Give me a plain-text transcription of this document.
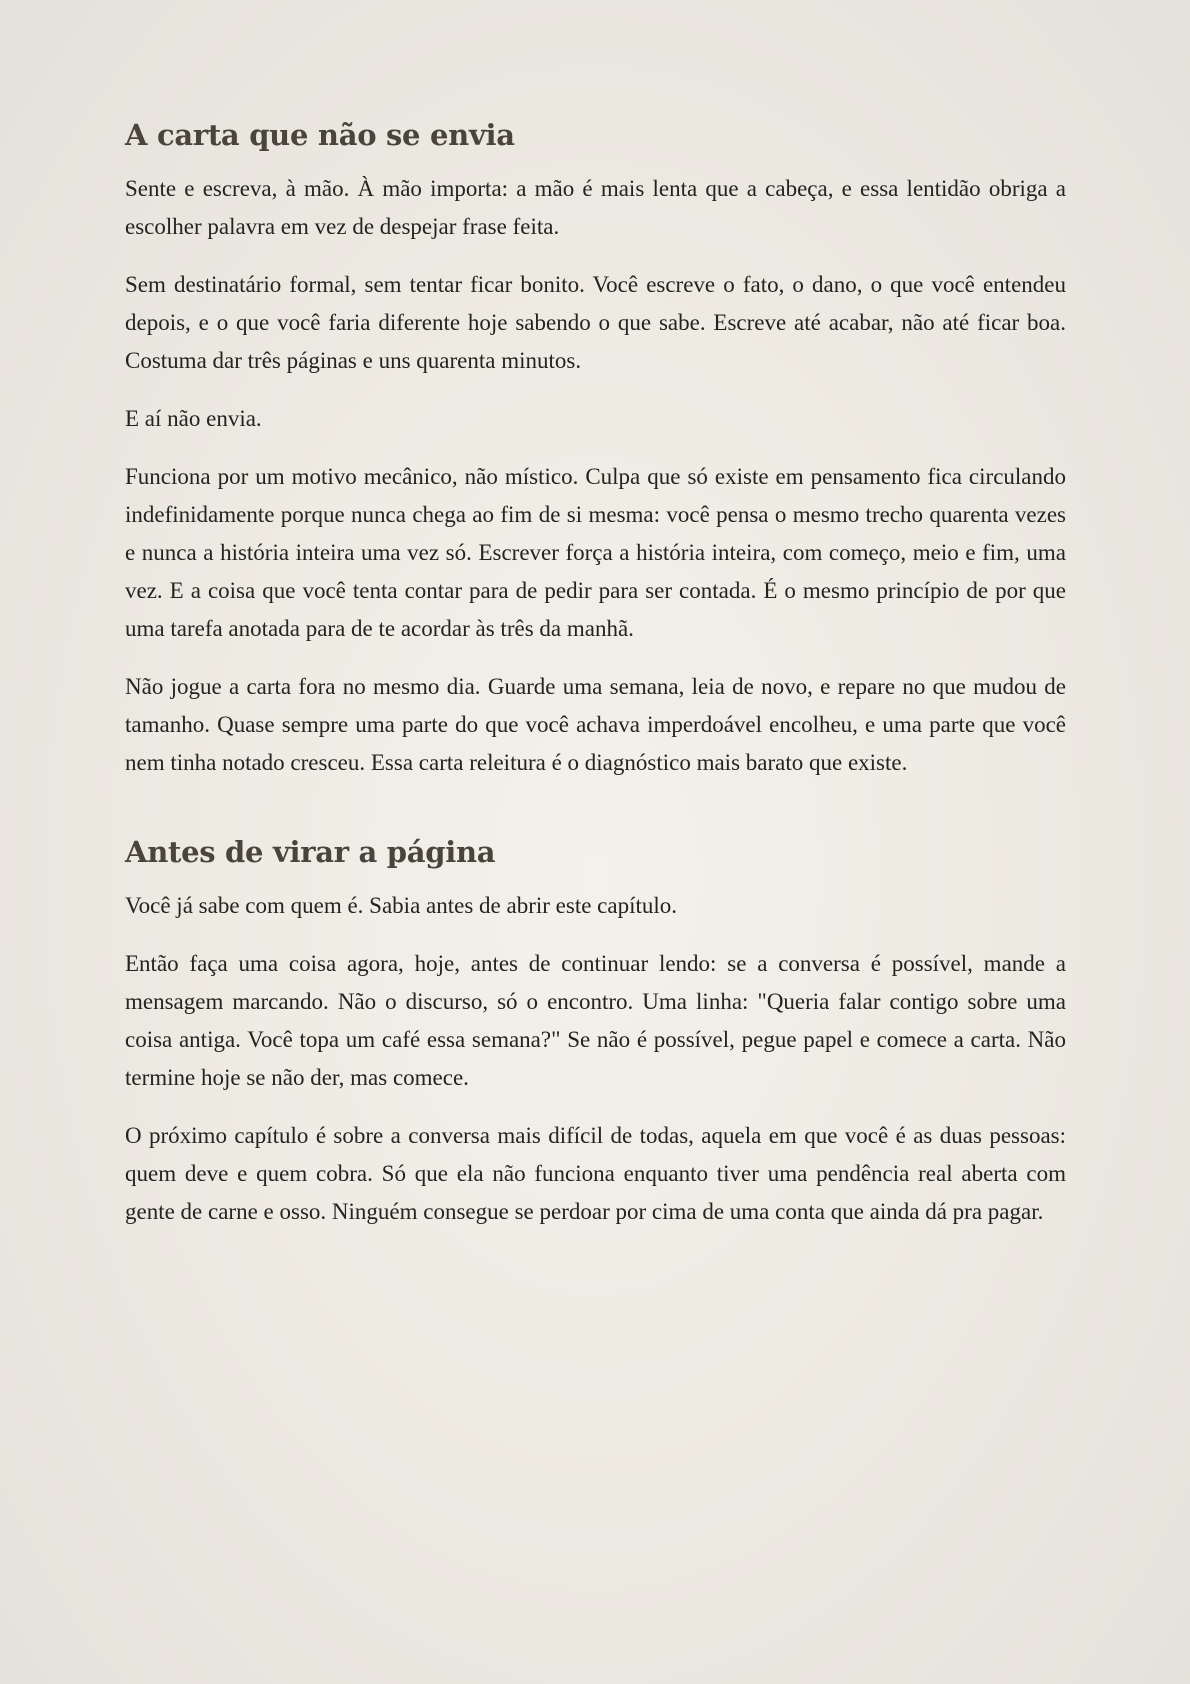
A carta que não se envia

Sente e escreva, à mão. À mão importa: a mão é mais lenta que a cabeça, e essa lentidão obriga a escolher palavra em vez de despejar frase feita.

Sem destinatário formal, sem tentar ficar bonito. Você escreve o fato, o dano, o que você entendeu depois, e o que você faria diferente hoje sabendo o que sabe. Escreve até acabar, não até ficar boa. Costuma dar três páginas e uns quarenta minutos.

E aí não envia.

Funciona por um motivo mecânico, não místico. Culpa que só existe em pensamento fica circulando indefinidamente porque nunca chega ao fim de si mesma: você pensa o mesmo trecho quarenta vezes e nunca a história inteira uma vez só. Escrever força a história inteira, com começo, meio e fim, uma vez. E a coisa que você tenta contar para de pedir para ser contada. É o mesmo princípio de por que uma tarefa anotada para de te acordar às três da manhã.

Não jogue a carta fora no mesmo dia. Guarde uma semana, leia de novo, e repare no que mudou de tamanho. Quase sempre uma parte do que você achava imperdoável encolheu, e uma parte que você nem tinha notado cresceu. Essa carta releitura é o diagnóstico mais barato que existe.

Antes de virar a página

Você já sabe com quem é. Sabia antes de abrir este capítulo.

Então faça uma coisa agora, hoje, antes de continuar lendo: se a conversa é possível, mande a mensagem marcando. Não o discurso, só o encontro. Uma linha: "Queria falar contigo sobre uma coisa antiga. Você topa um café essa semana?" Se não é possível, pegue papel e comece a carta. Não termine hoje se não der, mas comece.

O próximo capítulo é sobre a conversa mais difícil de todas, aquela em que você é as duas pessoas: quem deve e quem cobra. Só que ela não funciona enquanto tiver uma pendência real aberta com gente de carne e osso. Ninguém consegue se perdoar por cima de uma conta que ainda dá pra pagar.
